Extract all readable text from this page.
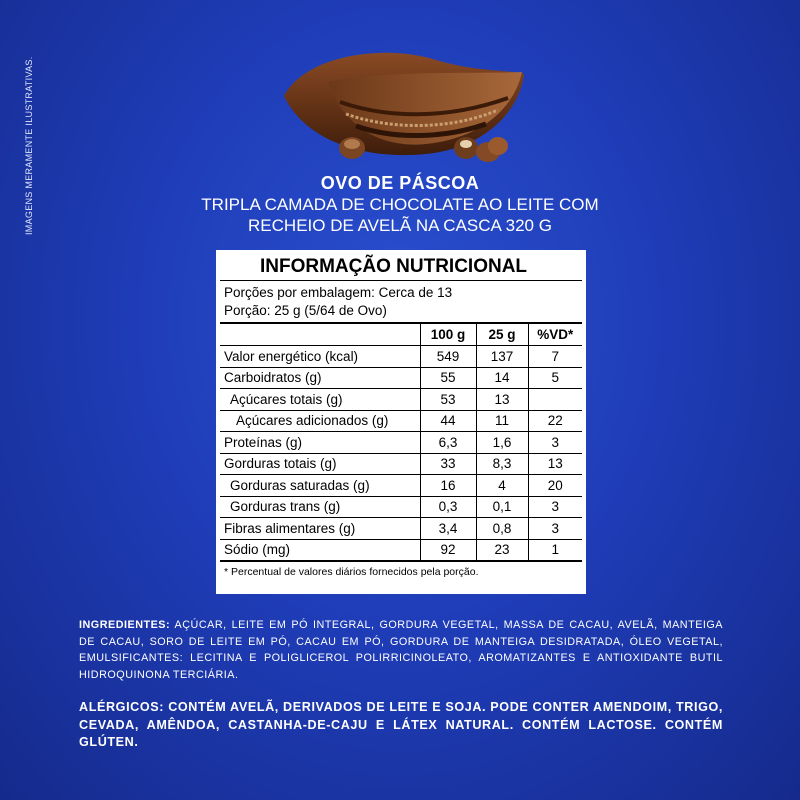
IMAGENS MERAMENTE ILUSTRATIVAS.	OVO DE PÁSCOA
TRIPLA CAMADA DE CHOCOLATE AO LEITE COM
RECHEIO DE AVELÃ NA CASCA 320 G
INFORMAÇÃO NUTRICIONAL
Porções por embalagem: Cerca de 13
Porção: 25 g (5/64 de Ovo)
	100 g	25 g	%VD*
Valor energético (kcal)	549	137	7
Carboidratos (g)	55	14	5
Açúcares totais (g)	53	13	
Açúcares adicionados (g)	44	11	22
Proteínas (g)	6,3	1,6	3
Gorduras totais (g)	33	8,3	13
Gorduras saturadas (g)	16	4	20
Gorduras trans (g)	0,3	0,1	3
Fibras alimentares (g)	3,4	0,8	3
Sódio (mg)	92	23	1
* Percentual de valores diários fornecidos pela porção.
INGREDIENTES: AÇÚCAR, LEITE EM PÓ INTEGRAL, GORDURA VEGETAL, MASSA DE CACAU, AVELÃ, MANTEIGA DE CACAU, SORO DE LEITE EM PÓ, CACAU EM PÓ, GORDURA DE MANTEIGA DESIDRATADA, ÓLEO VEGETAL, EMULSIFICANTES: LECITINA E POLIGLICEROL POLIRRICINOLEATO, AROMATIZANTES E ANTIOXIDANTE BUTIL HIDROQUINONA TERCIÁRIA.
ALÉRGICOS: CONTÉM AVELÃ, DERIVADOS DE LEITE E SOJA. PODE CONTER AMENDOIM, TRIGO, CEVADA, AMÊNDOA, CASTANHA-DE-CAJU E LÁTEX NATURAL. CONTÉM LACTOSE. CONTÉM GLÚTEN.
